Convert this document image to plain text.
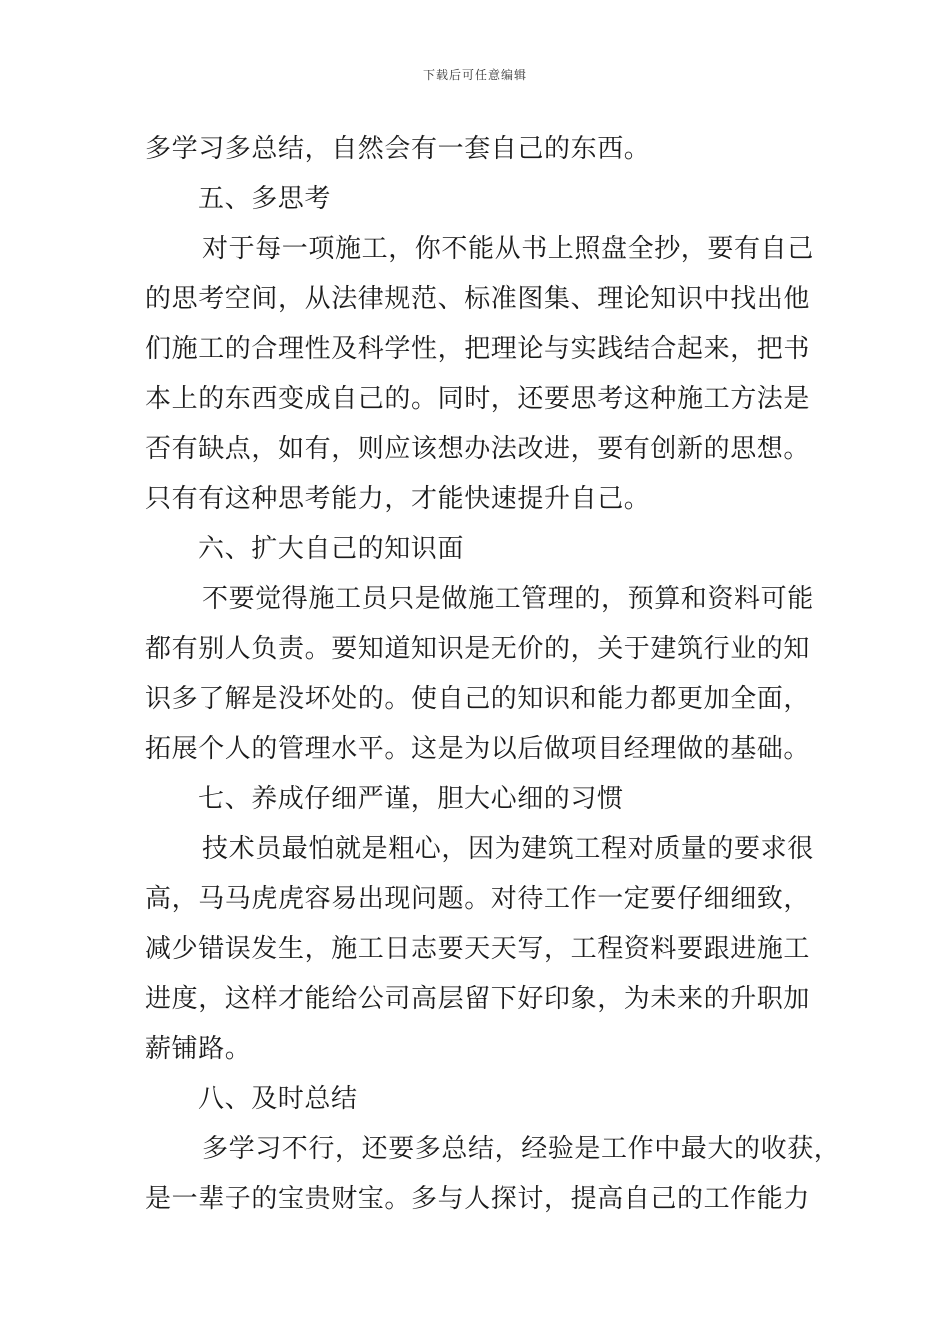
下载后可任意编辑
多学习多总结，自然会有一套自己的东西。
五、多思考
对于每一项施工，你不能从书上照盘全抄，要有自己
的思考空间，从法律规范、标准图集、理论知识中找出他
们施工的合理性及科学性，把理论与实践结合起来，把书
本上的东西变成自己的。同时，还要思考这种施工方法是
否有缺点，如有，则应该想办法改进，要有创新的思想。
只有有这种思考能力，才能快速提升自己。
六、扩大自己的知识面
不要觉得施工员只是做施工管理的，预算和资料可能
都有别人负责。要知道知识是无价的，关于建筑行业的知
识多了解是没坏处的。使自己的知识和能力都更加全面，
拓展个人的管理水平。这是为以后做项目经理做的基础。
七、养成仔细严谨，胆大心细的习惯
技术员最怕就是粗心，因为建筑工程对质量的要求很
高，马马虎虎容易出现问题。对待工作一定要仔细细致，
减少错误发生，施工日志要天天写，工程资料要跟进施工
进度，这样才能给公司高层留下好印象，为未来的升职加
薪铺路。
八、及时总结
多学习不行，还要多总结，经验是工作中最大的收获，
是一辈子的宝贵财宝。多与人探讨，提高自己的工作能力
